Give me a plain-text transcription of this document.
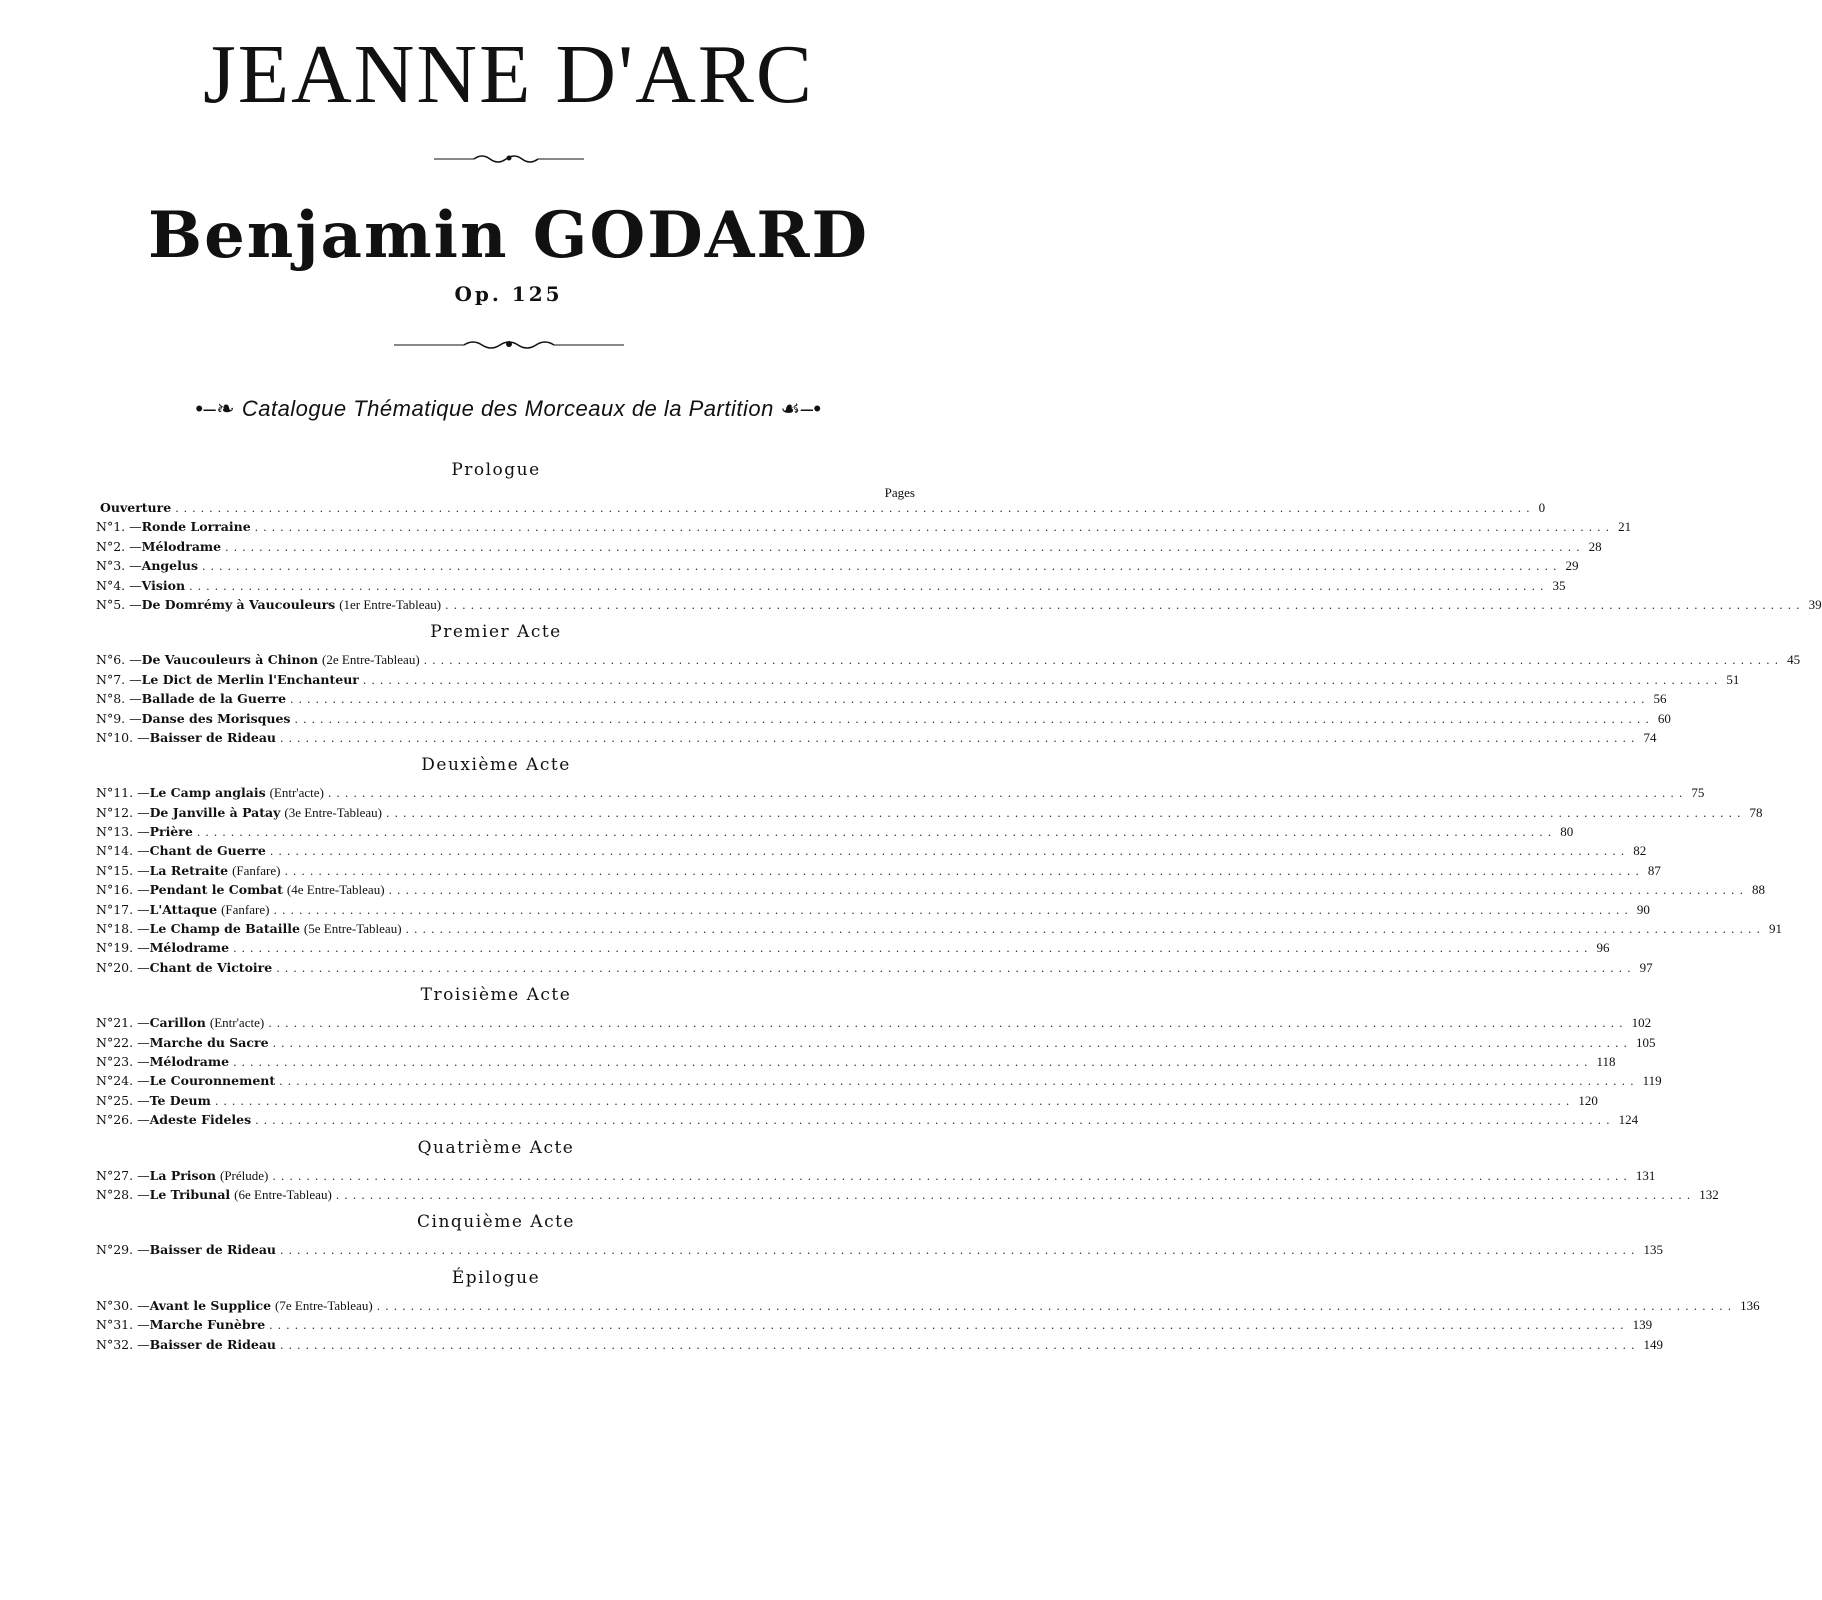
JEANNE D'ARC
Benjamin GODARD
Op. 125
•–❧ Catalogue Thématique des Morceaux de la Partition ☙–•
Pages
Prologue
Ouverture ................................................................................................................................................................ 0
N° 1. — Ronde Lorraine ................................................................................................................................................................ 21
N° 2. — Mélodrame ................................................................................................................................................................ 28
N° 3. — Angelus ................................................................................................................................................................ 29
N° 4. — Vision ................................................................................................................................................................ 35
N° 5. — De Domrémy à Vaucouleurs (1er Entre-Tableau) ................................................................................................................................................................ 39
Premier Acte
N° 6. — De Vaucouleurs à Chinon (2e Entre-Tableau) ................................................................................................................................................................ 45
N° 7. — Le Dict de Merlin l'Enchanteur ................................................................................................................................................................ 51
N° 8. — Ballade de la Guerre ................................................................................................................................................................ 56
N° 9. — Danse des Morisques ................................................................................................................................................................ 60
N° 10. — Baisser de Rideau ................................................................................................................................................................ 74
Deuxième Acte
N° 11. — Le Camp anglais (Entr'acte) ................................................................................................................................................................ 75
N° 12. — De Janville à Patay (3e Entre-Tableau) ................................................................................................................................................................ 78
N° 13. — Prière ................................................................................................................................................................ 80
N° 14. — Chant de Guerre ................................................................................................................................................................ 82
N° 15. — La Retraite (Fanfare) ................................................................................................................................................................ 87
N° 16. — Pendant le Combat (4e Entre-Tableau) ................................................................................................................................................................ 88
N° 17. — L'Attaque (Fanfare) ................................................................................................................................................................ 90
N° 18. — Le Champ de Bataille (5e Entre-Tableau) ................................................................................................................................................................ 91
N° 19. — Mélodrame ................................................................................................................................................................ 96
N° 20. — Chant de Victoire ................................................................................................................................................................ 97
Troisième Acte
N° 21. — Carillon (Entr'acte) ................................................................................................................................................................ 102
N° 22. — Marche du Sacre ................................................................................................................................................................ 105
N° 23. — Mélodrame ................................................................................................................................................................ 118
N° 24. — Le Couronnement ................................................................................................................................................................ 119
N° 25. — Te Deum ................................................................................................................................................................ 120
N° 26. — Adeste Fideles ................................................................................................................................................................ 124
Quatrième Acte
N° 27. — La Prison (Prélude) ................................................................................................................................................................ 131
N° 28. — Le Tribunal (6e Entre-Tableau) ................................................................................................................................................................ 132
Cinquième Acte
N° 29. — Baisser de Rideau ................................................................................................................................................................ 135
Épilogue
N° 30. — Avant le Supplice (7e Entre-Tableau) ................................................................................................................................................................ 136
N° 31. — Marche Funèbre ................................................................................................................................................................ 139
N° 32. — Baisser de Rideau ................................................................................................................................................................ 149
